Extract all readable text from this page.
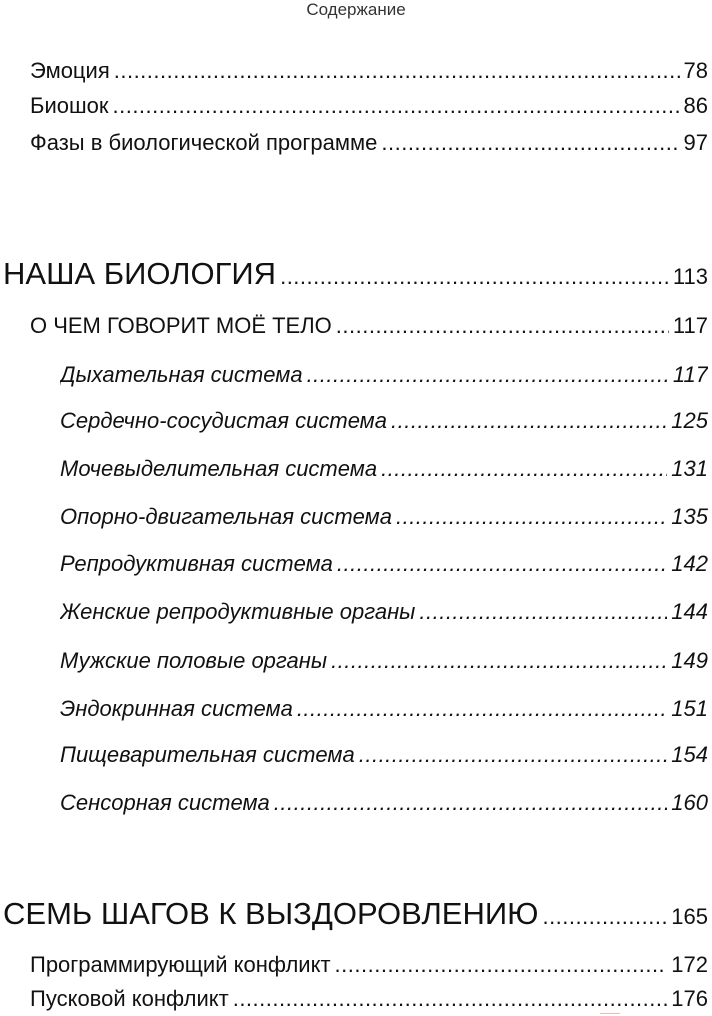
Содержание
Эмоция .....	78
Биошок .....	86
Фазы в биологической программе .....	97
НАША БИОЛОГИЯ .....	113
О ЧЕМ ГОВОРИТ МОЁ ТЕЛО .....	117
Дыхательная система .....	117
Сердечно-сосудистая система .....	125
Мочевыделительная система .....	131
Опорно-двигательная система .....	135
Репродуктивная система .....	142
Женские репродуктивные органы .....	144
Мужские половые органы .....	149
Эндокринная система .....	151
Пищеварительная система .....	154
Сенсорная система .....	160
СЕМЬ ШАГОВ К ВЫЗДОРОВЛЕНИЮ .....	165
Программирующий конфликт .....	172
Пусковой конфликт .....	176
